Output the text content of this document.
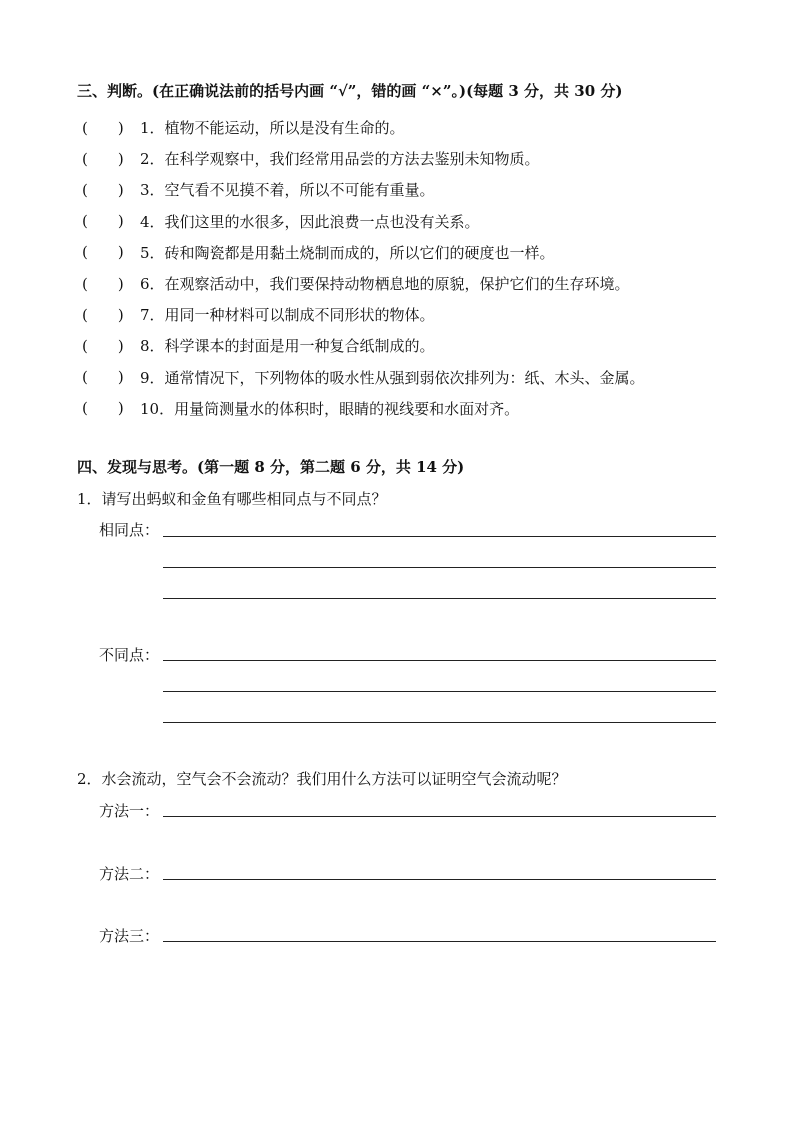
三、判断。(在正确说法前的括号内画 “√”，错的画 “×”。)(每题 3 分，共 30 分)
( )	1．植物不能运动，所以是没有生命的。
( )	2．在科学观察中，我们经常用品尝的方法去鉴别未知物质。
( )	3．空气看不见摸不着，所以不可能有重量。
( )	4．我们这里的水很多，因此浪费一点也没有关系。
( )	5．砖和陶瓷都是用黏土烧制而成的，所以它们的硬度也一样。
( )	6．在观察活动中，我们要保持动物栖息地的原貌，保护它们的生存环境。
( )	7．用同一种材料可以制成不同形状的物体。
( )	8．科学课本的封面是用一种复合纸制成的。
( )	9．通常情况下，下列物体的吸水性从强到弱依次排列为：纸、木头、金属。
( )	10．用量筒测量水的体积时，眼睛的视线要和水面对齐。
四、发现与思考。(第一题 8 分，第二题 6 分，共 14 分)
1．请写出蚂蚁和金鱼有哪些相同点与不同点？
相同点：
不同点：
2．水会流动，空气会不会流动？我们用什么方法可以证明空气会流动呢？
方法一：
方法二：
方法三：
